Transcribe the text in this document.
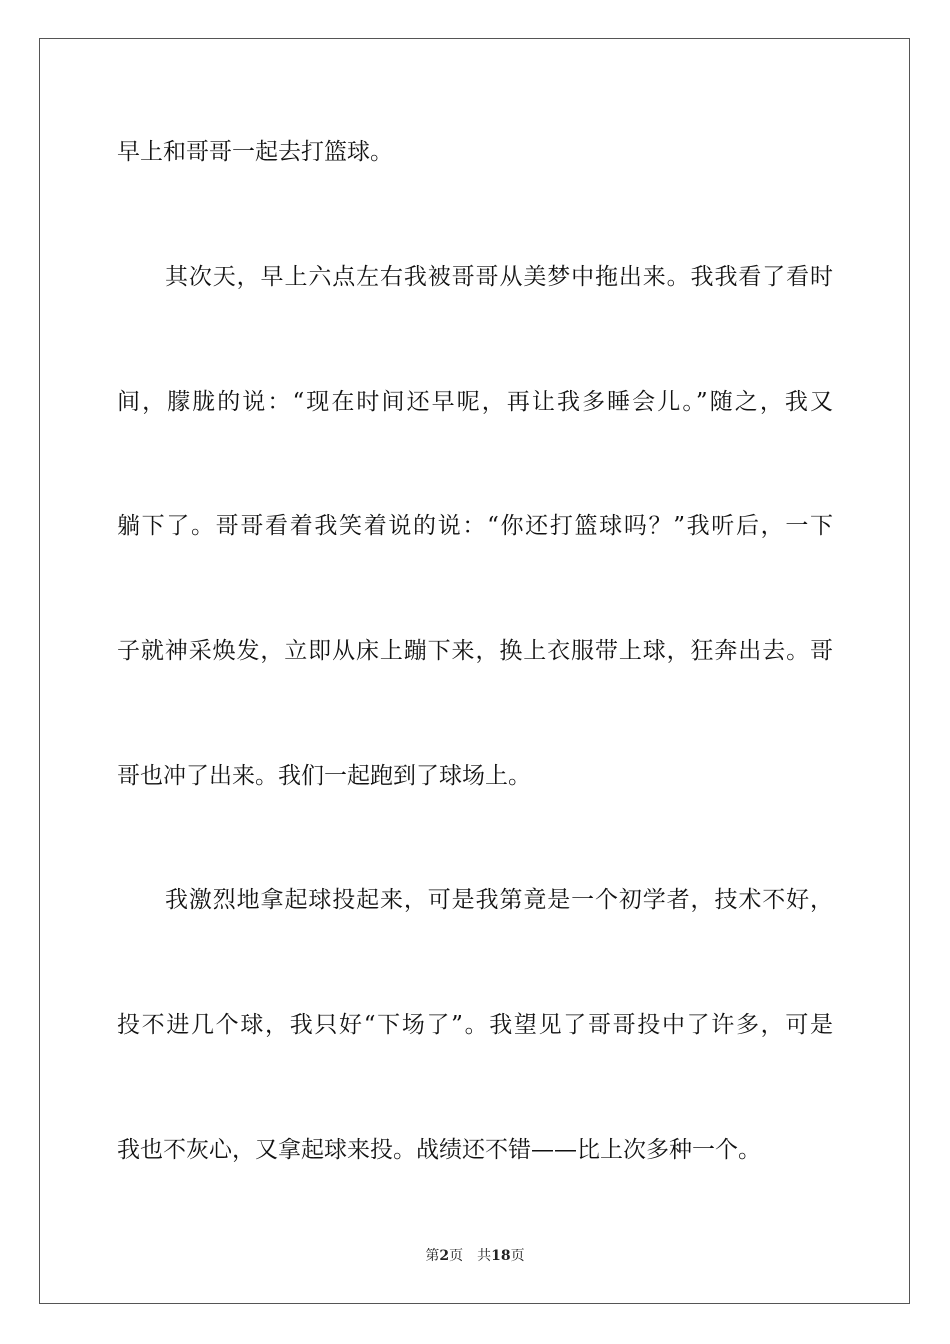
早上和哥哥一起去打篮球。
其次天，早上六点左右我被哥哥从美梦中拖出来。我我看了看时
间，朦胧的说：“现在时间还早呢，再让我多睡会儿。”随之，我又
躺下了。哥哥看着我笑着说的说：“你还打篮球吗？”我听后，一下
子就神采焕发，立即从床上蹦下来，换上衣服带上球，狂奔出去。哥
哥也冲了出来。我们一起跑到了球场上。
我激烈地拿起球投起来，可是我第竟是一个初学者，技术不好，
投不进几个球，我只好“下场了”。我望见了哥哥投中了许多，可是
我也不灰心，又拿起球来投。战绩还不错——比上次多种一个。
第2页 共18页
